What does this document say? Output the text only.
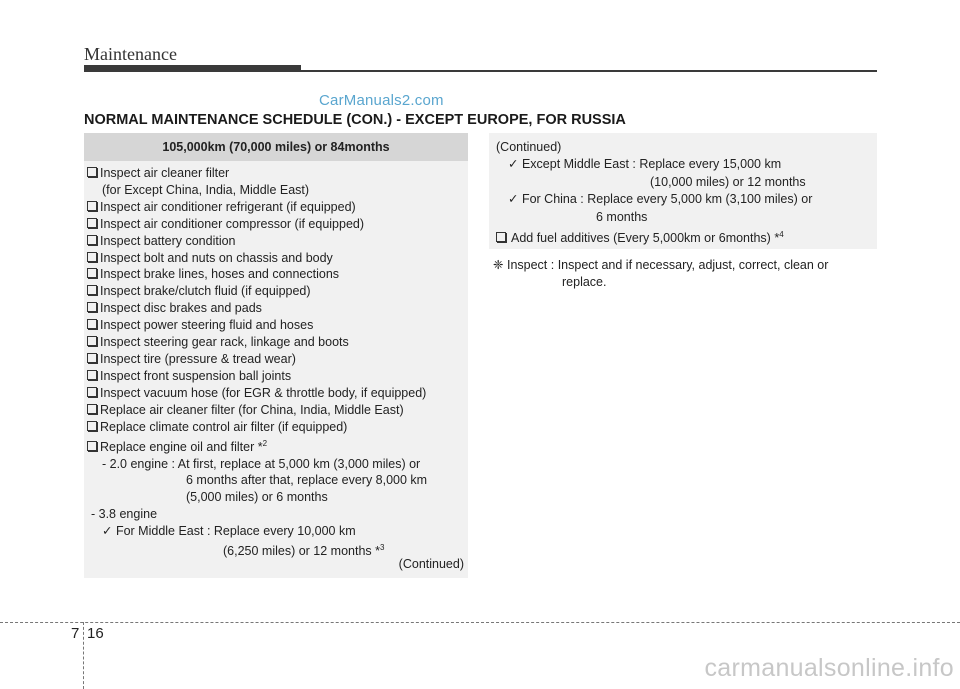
Maintenance
CarManuals2.com
NORMAL MAINTENANCE SCHEDULE (CON.) - EXCEPT EUROPE, FOR RUSSIA
105,000km (70,000 miles) or 84months
Inspect air cleaner filter
(for Except China, India, Middle East)
Inspect air conditioner refrigerant (if equipped)
Inspect air conditioner compressor (if equipped)
Inspect battery condition
Inspect bolt and nuts on chassis and body
Inspect brake lines, hoses and connections
Inspect brake/clutch fluid (if equipped)
Inspect disc brakes and pads
Inspect power steering fluid and hoses
Inspect steering gear rack, linkage and boots
Inspect tire (pressure & tread wear)
Inspect front suspension ball joints
Inspect vacuum hose (for EGR & throttle body, if equipped)
Replace air cleaner filter (for China, India, Middle East)
Replace climate control air filter (if equipped)
Replace engine oil and filter *$^2$
- 2.0 engine : At first, replace at 5,000 km (3,000 miles) or
6 months after that, replace every 8,000 km
(5,000 miles) or 6 months
- 3.8 engine
✓ For Middle East : Replace every 10,000 km
(6,250 miles) or 12 months *$^3$
(Continued)
(Continued)
✓ Except Middle East : Replace every 15,000 km
(10,000 miles) or 12 months
✓ For China : Replace every 5,000 km (3,100 miles) or
6 months
Add fuel additives (Every 5,000km or 6months) *$^4$
❈ Inspect : Inspect and if necessary, adjust, correct, clean or
replace.
7 16
carmanualsonline.info
